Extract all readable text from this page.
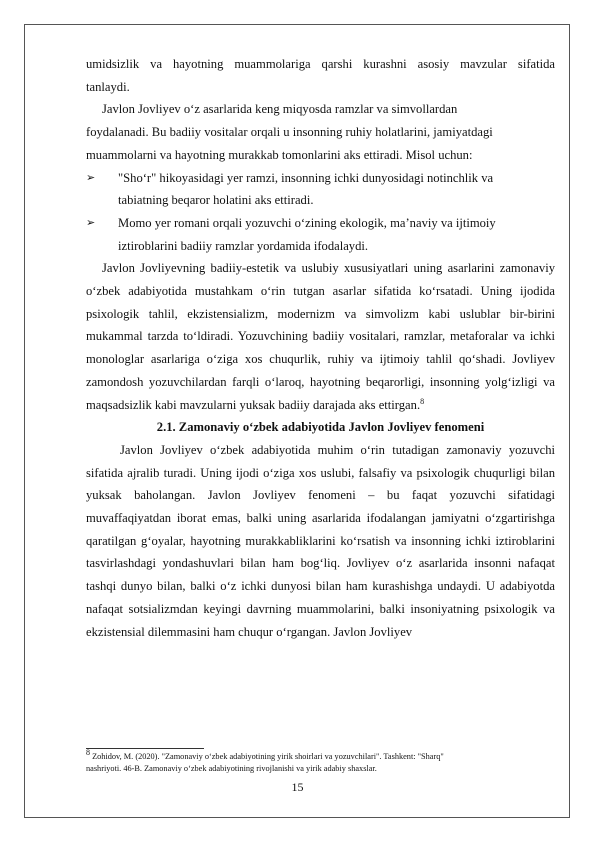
umidsizlik va hayotning muammolariga qarshi kurashni asosiy mavzular sifatida

tanlaydi.

Javlon Jovliyev o‘z asarlarida keng miqyosda ramzlar va simvollardan

foydalanadi. Bu badiiy vositalar orqali u insonning ruhiy holatlarini, jamiyatdagi

muammolarni va hayotning murakkab tomonlarini aks ettiradi. Misol uchun:

➢	"Sho‘r" hikoyasidagi yer ramzi, insonning ichki dunyosidagi notinchlik va

tabiatning beqaror holatini aks ettiradi.

➢	Momo yer romani orqali yozuvchi o‘zining ekologik, ma’naviy va ijtimoiy

iztiroblarini badiiy ramzlar yordamida ifodalaydi.

Javlon Jovliyevning badiiy-estetik va uslubiy xususiyatlari uning asarlarini zamonaviy o‘zbek adabiyotida mustahkam o‘rin tutgan asarlar sifatida ko‘rsatadi. Uning ijodida psixologik tahlil, ekzistensializm, modernizm va simvolizm kabi uslublar bir-birini mukammal tarzda to‘ldiradi. Yozuvchining badiiy vositalari, ramzlar, metaforalar va ichki monologlar asarlariga o‘ziga xos chuqurlik, ruhiy va ijtimoiy tahlil qo‘shadi. Jovliyev zamondosh yozuvchilardan farqli o‘laroq, hayotning beqarorligi, insonning yolg‘izligi va maqsadsizlik kabi mavzularni yuksak badiiy darajada aks ettirgan.$^8$

2.1. Zamonaviy o‘zbek adabiyotida Javlon Jovliyev fenomeni

Javlon Jovliyev o‘zbek adabiyotida muhim o‘rin tutadigan zamonaviy yozuvchi sifatida ajralib turadi. Uning ijodi o‘ziga xos uslubi, falsafiy va psixologik chuqurligi bilan yuksak baholangan. Javlon Jovliyev fenomeni – bu faqat yozuvchi sifatidagi muvaffaqiyatdan iborat emas, balki uning asarlarida ifodalangan jamiyatni o‘zgartirishga qaratilgan g‘oyalar, hayotning murakkabliklarini ko‘rsatish va insonning ichki iztiroblarini tasvirlashdagi yondashuvlari bilan ham bog‘liq. Jovliyev o‘z asarlarida insonni nafaqat tashqi dunyo bilan, balki o‘z ichki dunyosi bilan ham kurashishga undaydi. U adabiyotda nafaqat sotsializmdan keyingi davrning muammolarini, balki insoniyatning psixologik va ekzistensial dilemmasini ham chuqur o‘rgangan. Javlon Jovliyev

$^8$ Zohidov, M. (2020). "Zamonaviy o‘zbek adabiyotining yirik shoirlari va yozuvchilari". Tashkent: "Sharq"
nashriyoti. 46-B. Zamonaviy o‘zbek adabiyotining rivojlanishi va yirik adabiy shaxslar.
15
